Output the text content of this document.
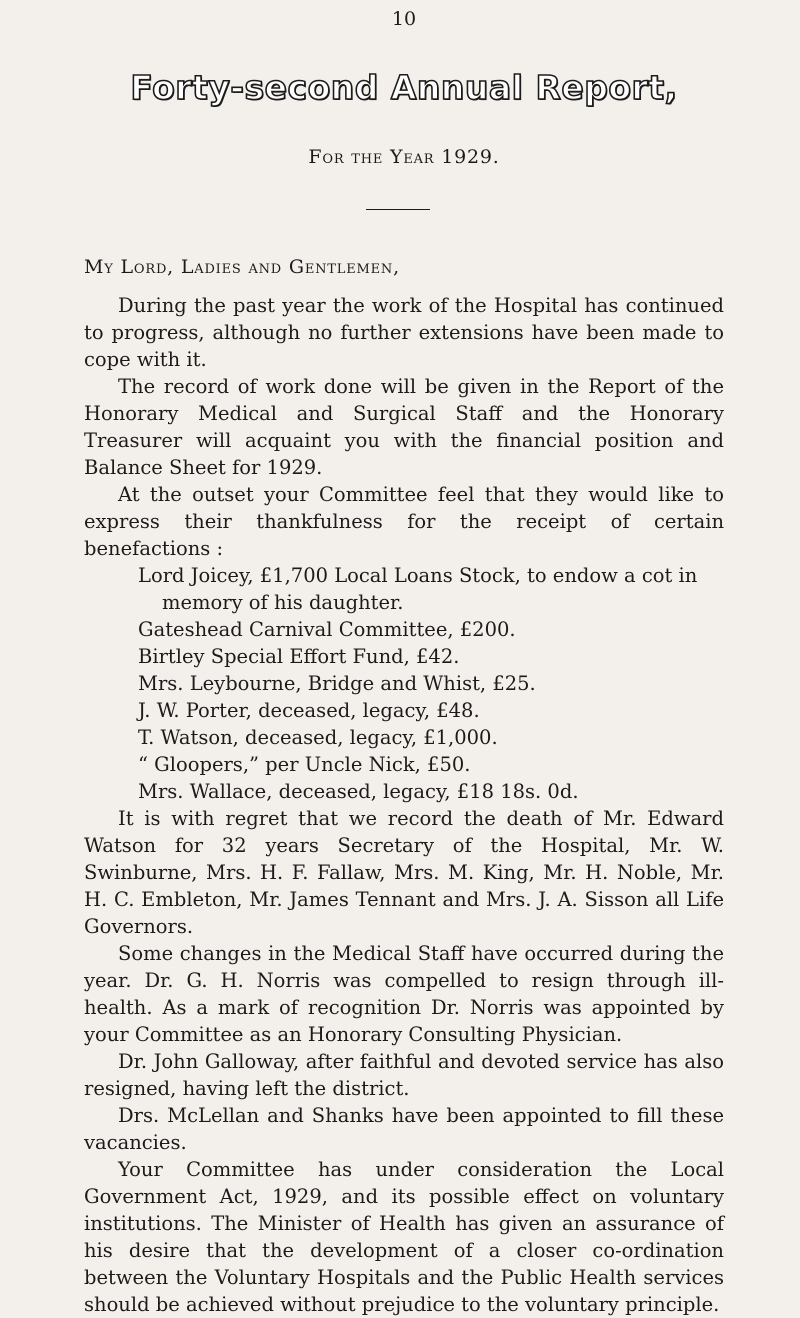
10
Forty-second Annual Report,
For the Year 1929.
My Lord, Ladies and Gentlemen,

During the past year the work of the Hospital has continued to progress, although no further extensions have been made to cope with it.

The record of work done will be given in the Report of the Honorary Medical and Surgical Staff and the Honorary Treasurer will acquaint you with the financial position and Balance Sheet for 1929.

At the outset your Committee feel that they would like to express their thankfulness for the receipt of certain benefactions :

Lord Joicey, £1,700 Local Loans Stock, to endow a cot in
memory of his daughter.
Gateshead Carnival Committee, £200.
Birtley Special Effort Fund, £42.
Mrs. Leybourne, Bridge and Whist, £25.
J. W. Porter, deceased, legacy, £48.
T. Watson, deceased, legacy, £1,000.
“ Gloopers,” per Uncle Nick, £50.
Mrs. Wallace, deceased, legacy, £18 18s. 0d.

It is with regret that we record the death of Mr. Edward Watson for 32 years Secretary of the Hospital, Mr. W. Swinburne, Mrs. H. F. Fallaw, Mrs. M. King, Mr. H. Noble, Mr. H. C. Embleton, Mr. James Tennant and Mrs. J. A. Sisson all Life Governors.

Some changes in the Medical Staff have occurred during the year. Dr. G. H. Norris was compelled to resign through ill-health. As a mark of recognition Dr. Norris was appointed by your Committee as an Honorary Consulting Physician.

Dr. John Galloway, after faithful and devoted service has also resigned, having left the district.

Drs. McLellan and Shanks have been appointed to fill these vacancies.

Your Committee has under consideration the Local Government Act, 1929, and its possible effect on voluntary institutions. The Minister of Health has given an assurance of his desire that the development of a closer co-ordination between the Voluntary Hospitals and the Public Health services should be achieved without prejudice to the voluntary principle.
